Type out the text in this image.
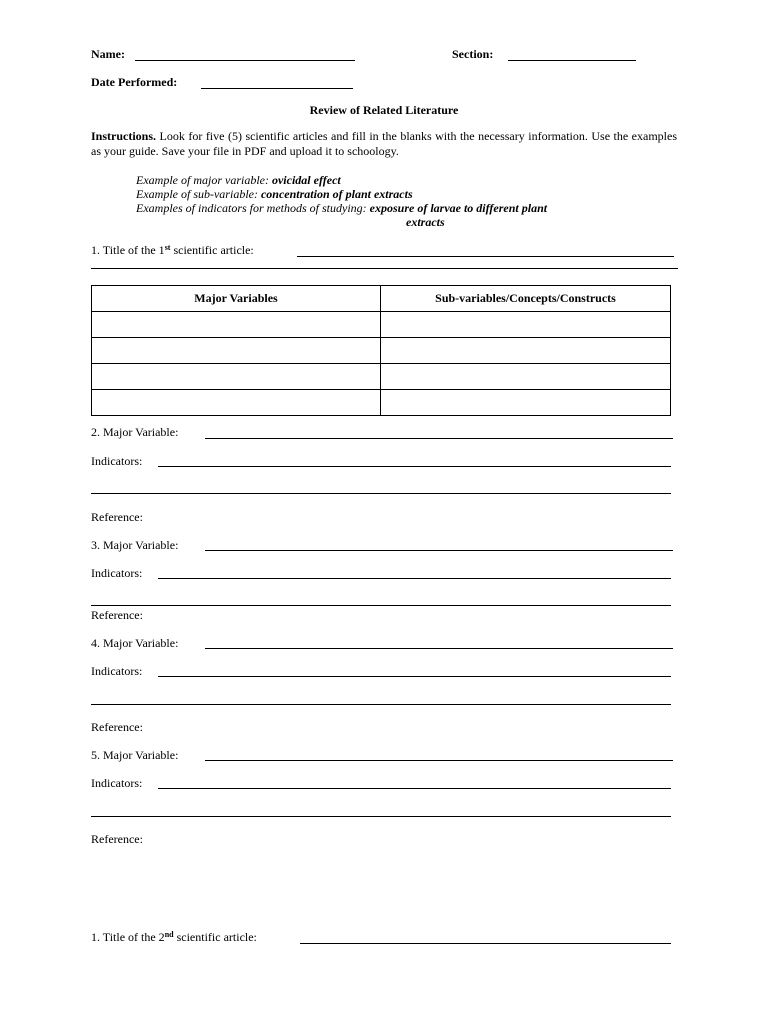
Name:	Section:
Date Performed:
Review of Related Literature
Instructions. Look for five (5) scientific articles and fill in the blanks with the necessary information. Use the examples as your guide. Save your file in PDF and upload it to schoology.
Example of major variable: ovicidal effect
Example of sub-variable: concentration of plant extracts
Examples of indicators for methods of studying: exposure of larvae to different plant
extracts
1. Title of the 1st scientific article:
Major Variables	Sub-variables/Concepts/Constructs

2. Major Variable:
Indicators:
Reference:
3. Major Variable:
Indicators:
Reference:
4. Major Variable:
Indicators:
Reference:
5. Major Variable:
Indicators:
Reference:
1. Title of the 2nd scientific article:
